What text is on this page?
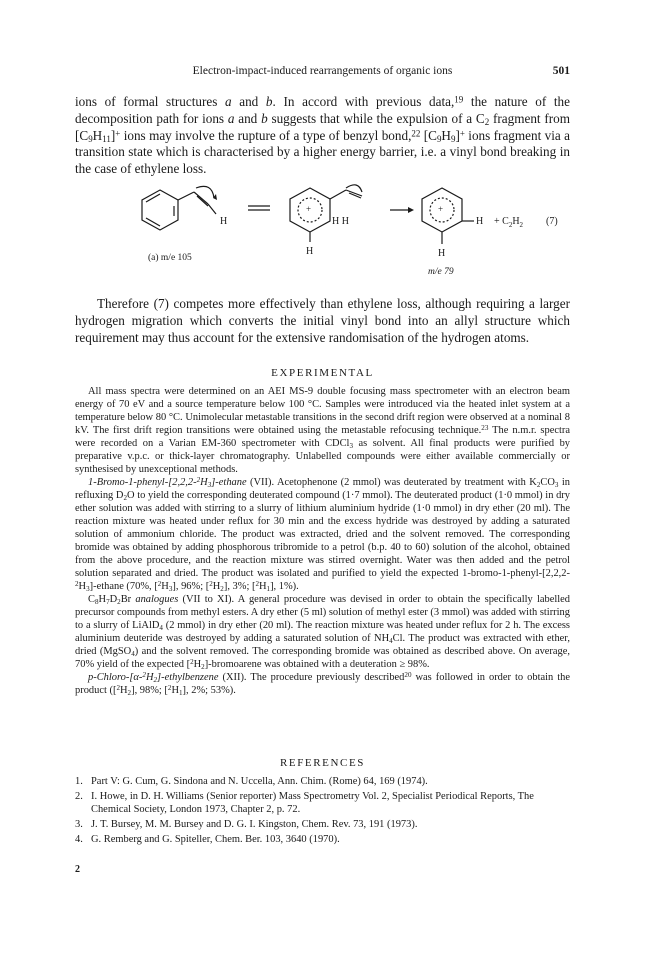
Electron-impact-induced rearrangements of organic ions	501

ions of formal structures a and b. In accord with previous data,$^{19}$ the nature of the decomposition path for ions a and b suggests that while the expulsion of a $C_2$ fragment from $[C_9H_{11}]^+$ ions may involve the rupture of a type of benzyl bond,$^{22}$ $[C_9H_9]^+$ ions fragment via a transition state which is characterised by a higher energy barrier, i.e. a vinyl bond breaking in the case of ethylene loss.

H
+
H H
+
H
H	H
+ $C_2H_2$ (7)
(a) m/e 105
m/e 79

Therefore (7) competes more effectively than ethylene loss, although requiring a larger hydrogen migration which converts the initial vinyl bond into an allyl structure which requirement may thus account for the extensive randomisation of the hydrogen atoms.

EXPERIMENTAL

All mass spectra were determined on an AEI MS-9 double focusing mass spectrometer with an electron beam energy of 70 eV and a source temperature below 100 °C. Samples were introduced via the heated inlet system at a temperature below 80 °C. Unimolecular metastable transitions in the second drift region were observed at a nominal 8 kV. The first drift region transitions were obtained using the metastable refocusing technique.$^{23}$ The n.m.r. spectra were recorded on a Varian EM-360 spectrometer with CDCl$_3$ as solvent. All final products were purified by preparative v.p.c. or thick-layer chromatography. Unlabelled compounds were either available commercially or synthesised by unexceptional methods.

$1-Bromo-1-phenyl-[2,2,2-^2H_3]$-ethane (VII). Acetophenone (2 mmol) was deuterated by treatment with $K_2CO_3$ in refluxing $D_2O$ to yield the corresponding deuterated compound (1·7 mmol). The deuterated product (1·0 mmol) in dry ether solution was added with stirring to a slurry of lithium aluminium hydride (1·0 mmol) in dry ether (20 ml). The reaction mixture was heated under reflux for 30 min and the excess hydride was destroyed by adding a saturated solution of ammonium chloride. The product was extracted, dried and the solvent removed. The corresponding bromide was obtained by adding phosphorous tribromide to a petrol (b.p. 40 to 60) solution of the alcohol, obtained from the above procedure, and the reaction mixture was stirred overnight. Water was then added and the petrol solution separated and dried. The product was isolated and purified to yield the expected $1-bromo-1-phenyl-[2,2,2-^2H_3]$-ethane (70%, $[^2H_3]$, 96%; $[^2H_2]$, 3%; $[^2H_1]$, 1%).

$C_8H_7D_2Br$ analogues (VII to XI). A general procedure was devised in order to obtain the specifically labelled precursor compounds from methyl esters. A dry ether (5 ml) solution of methyl ester (3 mmol) was added with stirring to a slurry of LiAlD$_4$ (2 mmol) in dry ether (20 ml). The reaction mixture was heated under reflux for 2 h. The excess aluminium deuteride was destroyed by adding a saturated solution of $NH_4Cl$. The product was extracted with ether, dried (MgSO$_4$) and the solvent removed. The corresponding bromide was obtained as described above. On average, 70% yield of the expected $[^2H_2]$-bromoarene was obtained with a deuteration ≥ 98%.

$p-Chloro-[\alpha-^2H_2]$-ethylbenzene (XII). The procedure previously described$^{20}$ was followed in order to obtain the product ($[^2H_2]$, 98%; $[^2H_1]$, 2%; 53%).

REFERENCES
1. Part V: G. Cum, G. Sindona and N. Uccella, Ann. Chim. (Rome) 64, 169 (1974).
2. I. Howe, in D. H. Williams (Senior reporter) Mass Spectrometry Vol. 2, Specialist Periodical Reports, The Chemical Society, London 1973, Chapter 2, p. 72.
3. J. T. Bursey, M. M. Bursey and D. G. I. Kingston, Chem. Rev. 73, 191 (1973).
4. G. Remberg and G. Spiteller, Chem. Ber. 103, 3640 (1970).
2
